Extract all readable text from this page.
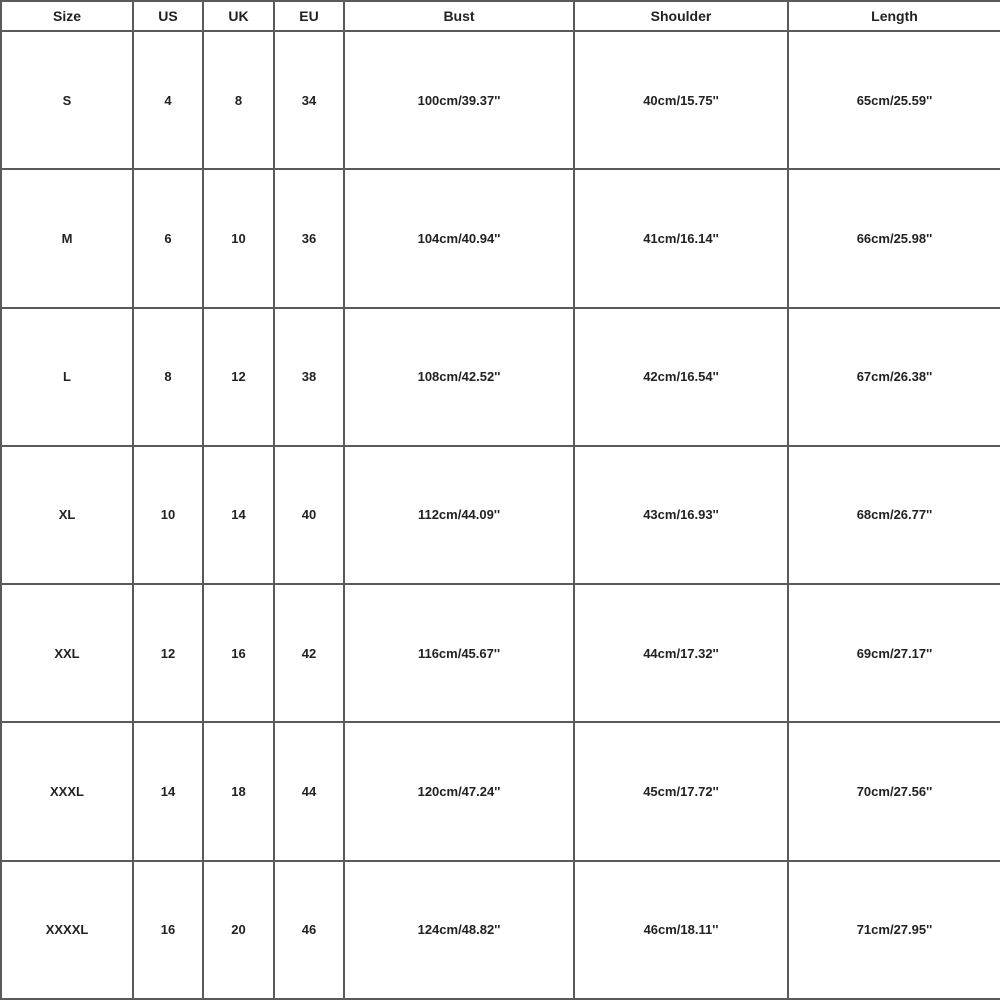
Size	US	UK	EU	Bust	Shoulder	Length
S	4	8	34	100cm/39.37''	40cm/15.75''	65cm/25.59''
M	6	10	36	104cm/40.94''	41cm/16.14''	66cm/25.98''
L	8	12	38	108cm/42.52''	42cm/16.54''	67cm/26.38''
XL	10	14	40	112cm/44.09''	43cm/16.93''	68cm/26.77''
XXL	12	16	42	116cm/45.67''	44cm/17.32''	69cm/27.17''
XXXL	14	18	44	120cm/47.24''	45cm/17.72''	70cm/27.56''
XXXXL	16	20	46	124cm/48.82''	46cm/18.11''	71cm/27.95''
